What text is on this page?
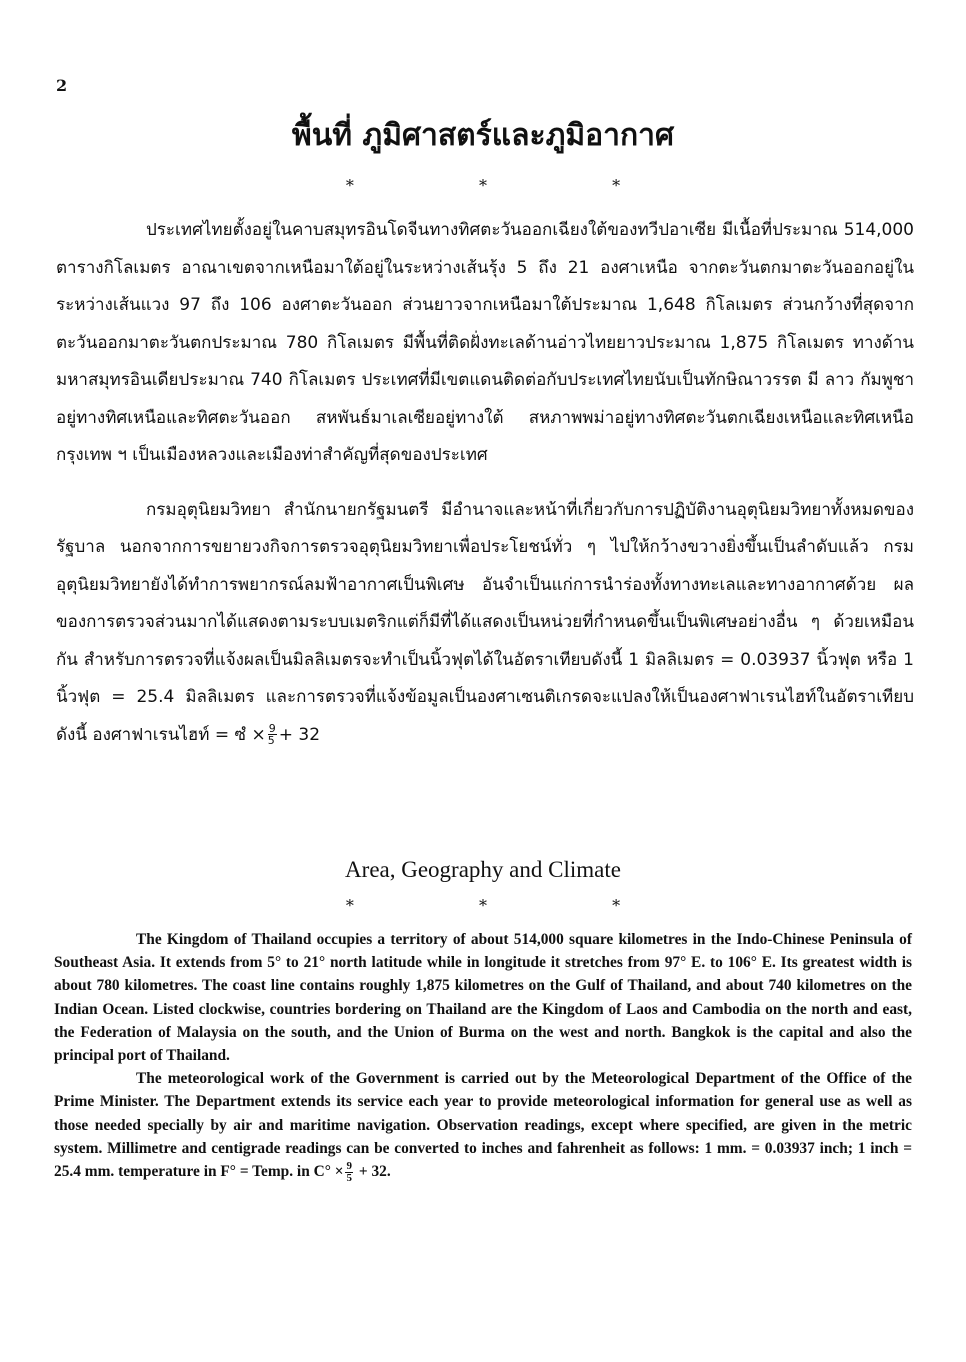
2
พื้นที่ ภูมิศาสตร์และภูมิอากาศ
* * *

ประเทศไทยตั้งอยู่ในคาบสมุทรอินโดจีนทางทิศตะวันออกเฉียงใต้ของทวีปอาเซีย มีเนื้อที่ประมาณ 514,000 ตารางกิโลเมตร อาณาเขตจากเหนือมาใต้อยู่ในระหว่างเส้นรุ้ง 5 ถึง 21 องศาเหนือ จากตะวันตกมาตะวันออกอยู่ในระหว่างเส้นแวง 97 ถึง 106 องศาตะวันออก ส่วนยาวจากเหนือมาใต้ประมาณ 1,648 กิโลเมตร ส่วนกว้างที่สุดจากตะวันออกมาตะวันตกประมาณ 780 กิโลเมตร มีพื้นที่ติดฝั่งทะเลด้านอ่าวไทยยาวประมาณ 1,875 กิโลเมตร ทางด้านมหาสมุทรอินเดียประมาณ 740 กิโลเมตร ประเทศที่มีเขตแดนติดต่อกับประเทศไทยนับเป็นทักษิณาวรรต มี ลาว กัมพูชาอยู่ทางทิศเหนือและทิศตะวันออก สหพันธ์มาเลเซียอยู่ทางใต้ สหภาพพม่าอยู่ทางทิศตะวันตกเฉียงเหนือและทิศเหนือ กรุงเทพ ฯ เป็นเมืองหลวงและเมืองท่าสำคัญที่สุดของประเทศ

กรมอุตุนิยมวิทยา สำนักนายกรัฐมนตรี มีอำนาจและหน้าที่เกี่ยวกับการปฏิบัติงานอุตุนิยมวิทยาทั้งหมดของรัฐบาล นอกจากการขยายวงกิจการตรวจอุตุนิยมวิทยาเพื่อประโยชน์ทั่ว ๆ ไปให้กว้างขวางยิ่งขึ้นเป็นลำดับแล้ว กรมอุตุนิยมวิทยายังได้ทำการพยากรณ์ลมฟ้าอากาศเป็นพิเศษ อันจำเป็นแก่การนำร่องทั้งทางทะเลและทางอากาศด้วย ผลของการตรวจส่วนมากได้แสดงตามระบบเมตริกแต่ก็มีที่ได้แสดงเป็นหน่วยที่กำหนดขึ้นเป็นพิเศษอย่างอื่น ๆ ด้วยเหมือนกัน สำหรับการตรวจที่แจ้งผลเป็นมิลลิเมตรจะทำเป็นนิ้วฟุตได้ในอัตราเทียบดังนี้ 1 มิลลิเมตร = 0.03937 นิ้วฟุต หรือ 1 นิ้วฟุต = 25.4 มิลลิเมตร และการตรวจที่แจ้งข้อมูลเป็นองศาเซนติเกรดจะแปลงให้เป็นองศาฟาเรนไฮท์ในอัตราเทียบดังนี้ องศาฟาเรนไฮท์ = ซํ × $\frac{9}{5} + 32$

Area, Geography and Climate
* * *

The Kingdom of Thailand occupies a territory of about 514,000 square kilometres in the Indo-Chinese Peninsula of Southeast Asia. It extends from 5° to 21° north latitude while in longitude it stretches from 97° E. to 106° E. Its greatest width is about 780 kilometres. The coast line contains roughly 1,875 kilometres on the Gulf of Thailand, and about 740 kilometres on the Indian Ocean. Listed clockwise, countries bordering on Thailand are the Kingdom of Laos and Cambodia on the north and east, the Federation of Malaysia on the south, and the Union of Burma on the west and north. Bangkok is the capital and also the principal port of Thailand.

The meteorological work of the Government is carried out by the Meteorological Department of the Office of the Prime Minister. The Department extends its service each year to provide meteorological information for general use as well as those needed specially by air and maritime navigation. Observation readings, except where specified, are given in the metric system. Millimetre and centigrade readings can be converted to inches and fahrenheit as follows: 1 mm. = 0.03937 inch; 1 inch = 25.4 mm. temperature in F° = Temp. in $C^\circ \times \frac{9}{5} + 32$.
